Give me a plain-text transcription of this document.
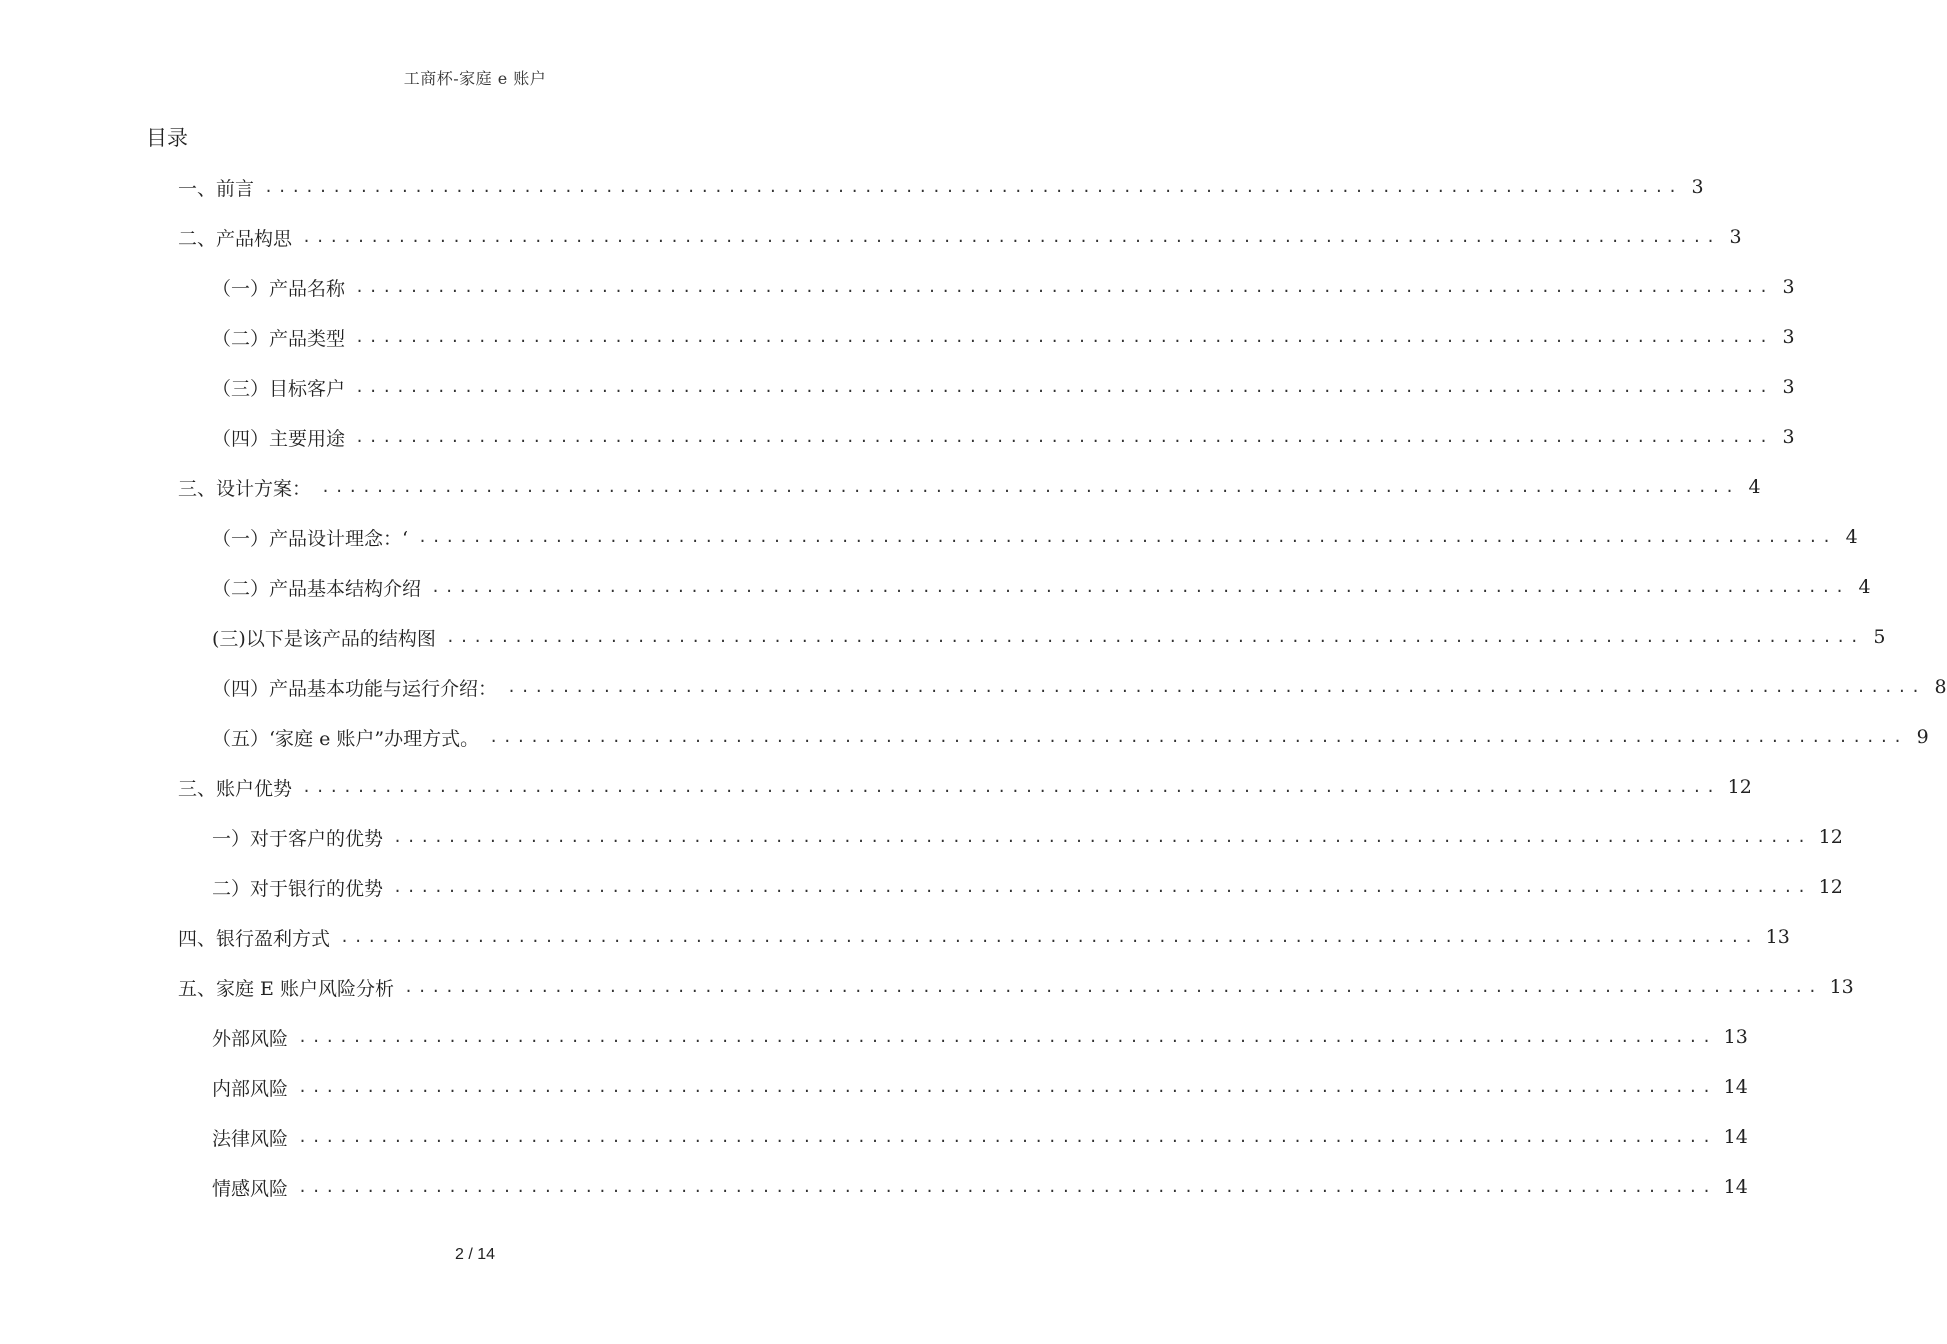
工商杯-家庭 e 账户
目录
一、前言 ........................................................................................................ 3
二、产品构思 ........................................................................................................ 3
（一）产品名称 ........................................................................................................ 3
（二）产品类型 ........................................................................................................ 3
（三）目标客户 ........................................................................................................ 3
（四）主要用途 ........................................................................................................ 3
三、设计方案： ........................................................................................................ 4
（一）产品设计理念：‘ ........................................................................................................ 4
（二）产品基本结构介绍 ........................................................................................................ 4
(三)以下是该产品的结构图 ........................................................................................................ 5
（四）产品基本功能与运行介绍： ........................................................................................................ 8
（五）‘家庭 e 账户”办理方式。 ........................................................................................................ 9
三、账户优势 ........................................................................................................ 12
一）对于客户的优势 ........................................................................................................ 12
二）对于银行的优势 ........................................................................................................ 12
四、银行盈利方式 ........................................................................................................ 13
五、家庭 E 账户风险分析 ........................................................................................................ 13
外部风险 ........................................................................................................ 13
内部风险 ........................................................................................................ 14
法律风险 ........................................................................................................ 14
情感风险 ........................................................................................................ 14
2 / 14
